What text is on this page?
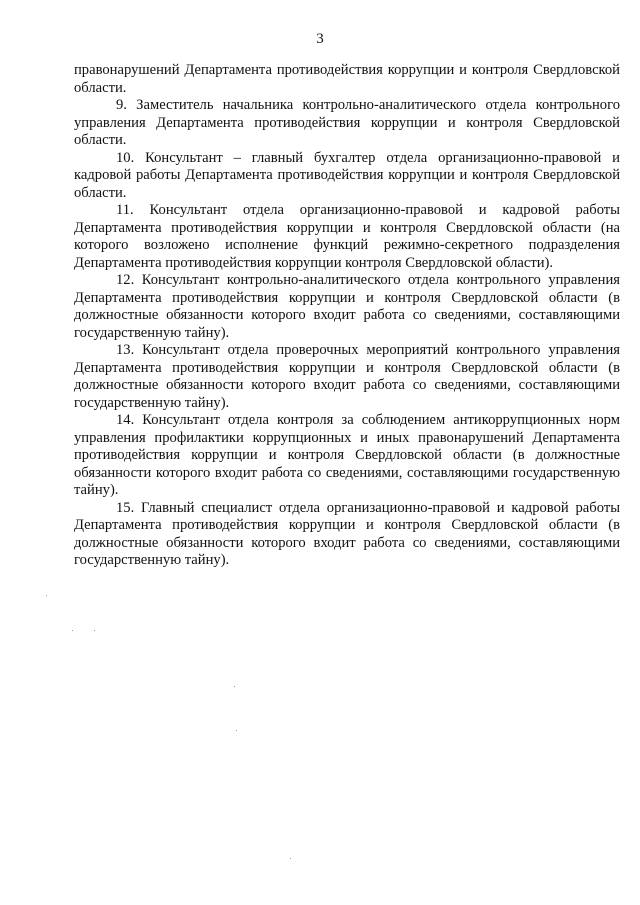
3

правонарушений Департамента противодействия коррупции и контроля Свердловской области.

9. Заместитель начальника контрольно-аналитического отдела контрольного управления Департамента противодействия коррупции и контроля Свердловской области.

10. Консультант – главный бухгалтер отдела организационно-правовой и кадровой работы Департамента противодействия коррупции и контроля Свердловской области.

11. Консультант отдела организационно-правовой и кадровой работы Департамента противодействия коррупции и контроля Свердловской области (на которого возложено исполнение функций режимно-секретного подразделения Департамента противодействия коррупции контроля Свердловской области).

12. Консультант контрольно-аналитического отдела контрольного управления Департамента противодействия коррупции и контроля Свердловской области (в должностные обязанности которого входит работа со сведениями, составляющими государственную тайну).

13. Консультант отдела проверочных мероприятий контрольного управления Департамента противодействия коррупции и контроля Свердловской области (в должностные обязанности которого входит работа со сведениями, составляющими государственную тайну).

14. Консультант отдела контроля за соблюдением антикоррупционных норм управления профилактики коррупционных и иных правонарушений Департамента противодействия коррупции и контроля Свердловской области (в должностные обязанности которого входит работа со сведениями, составляющими государственную тайну).

15. Главный специалист отдела организационно-правовой и кадровой работы Департамента противодействия коррупции и контроля Свердловской области (в должностные обязанности которого входит работа со сведениями, составляющими государственную тайну).
